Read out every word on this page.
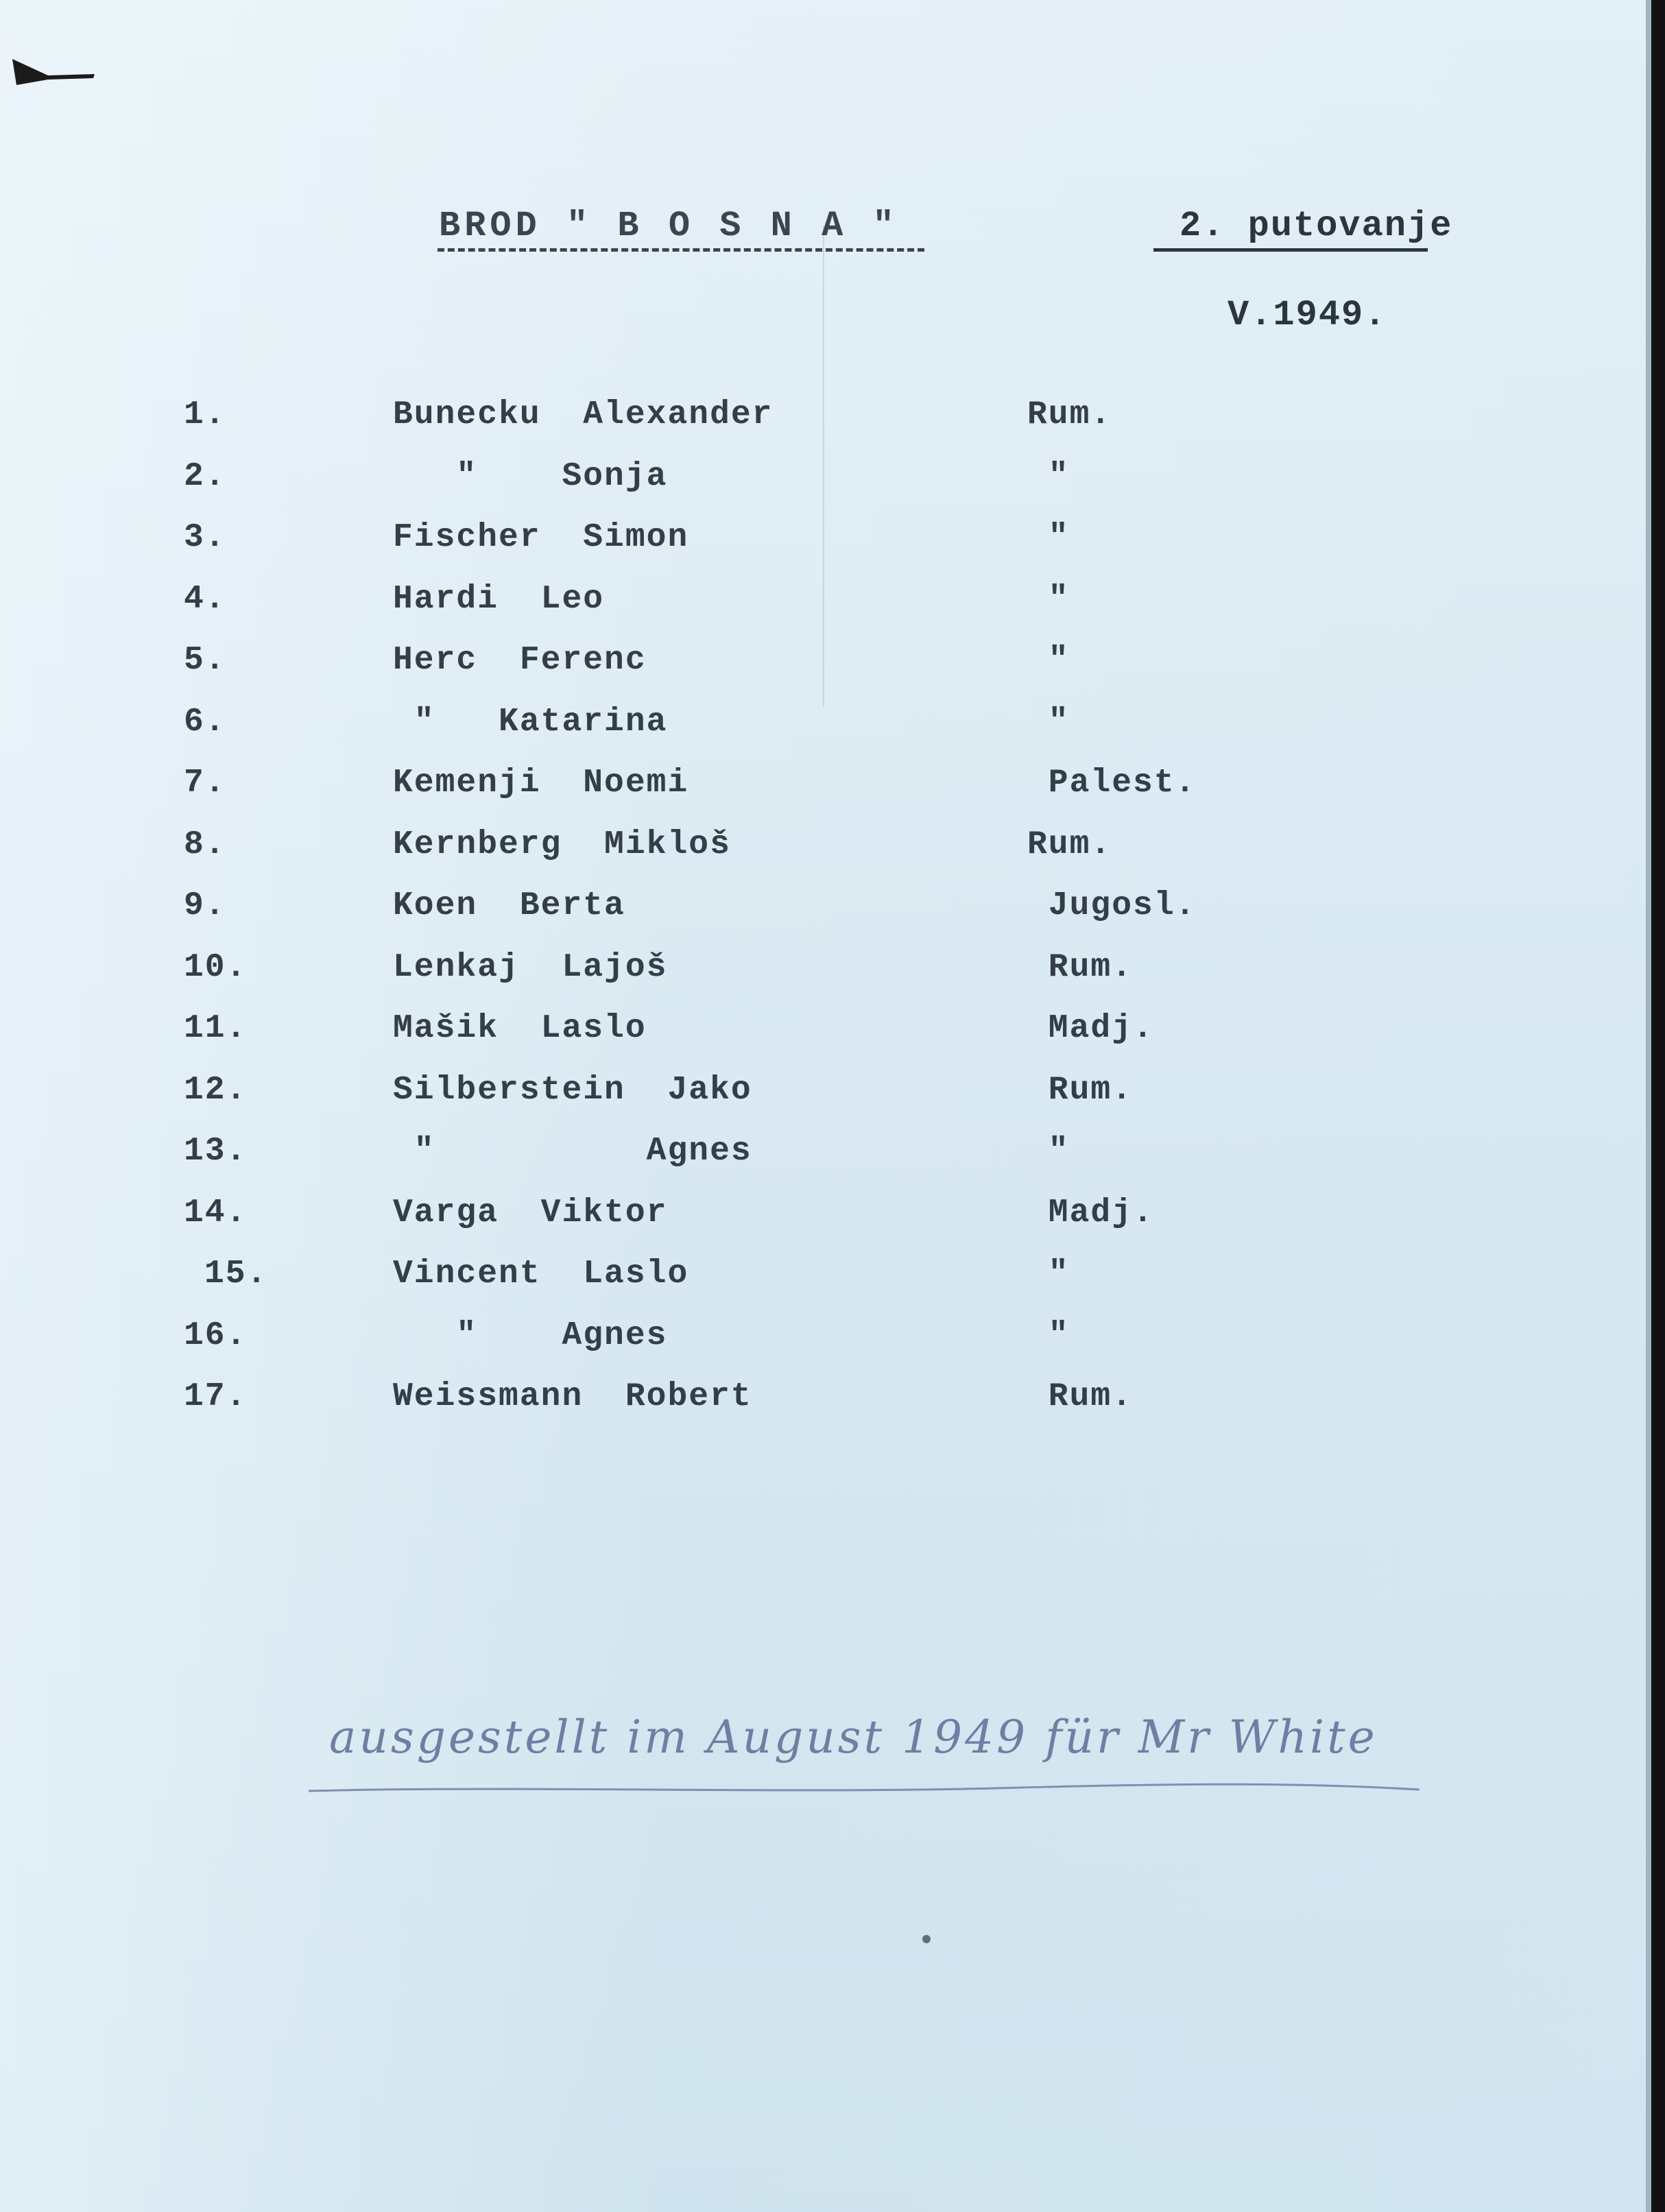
BROD " B O S N A "	2. putovanje
V.1949.
1.	Bunecku  Alexander	Rum.
2.	"    Sonja	"
3.	Fischer  Simon	"
4.	Hardi  Leo	"
5.	Herc  Ferenc	"
6.	"   Katarina	"
7.	Kemenji  Noemi	Palest.
8.	Kernberg  Mikloš	Rum.
9.	Koen  Berta	Jugosl.
10.	Lenkaj  Lajoš	Rum.
11.	Mašik  Laslo	Madj.
12.	Silberstein  Jako	Rum.
13.	"          Agnes	"
14.	Varga  Viktor	Madj.
15.	Vincent  Laslo	"
16.	"    Agnes	"
17.	Weissmann  Robert	Rum.
ausgestellt im August 1949 für Mr White
